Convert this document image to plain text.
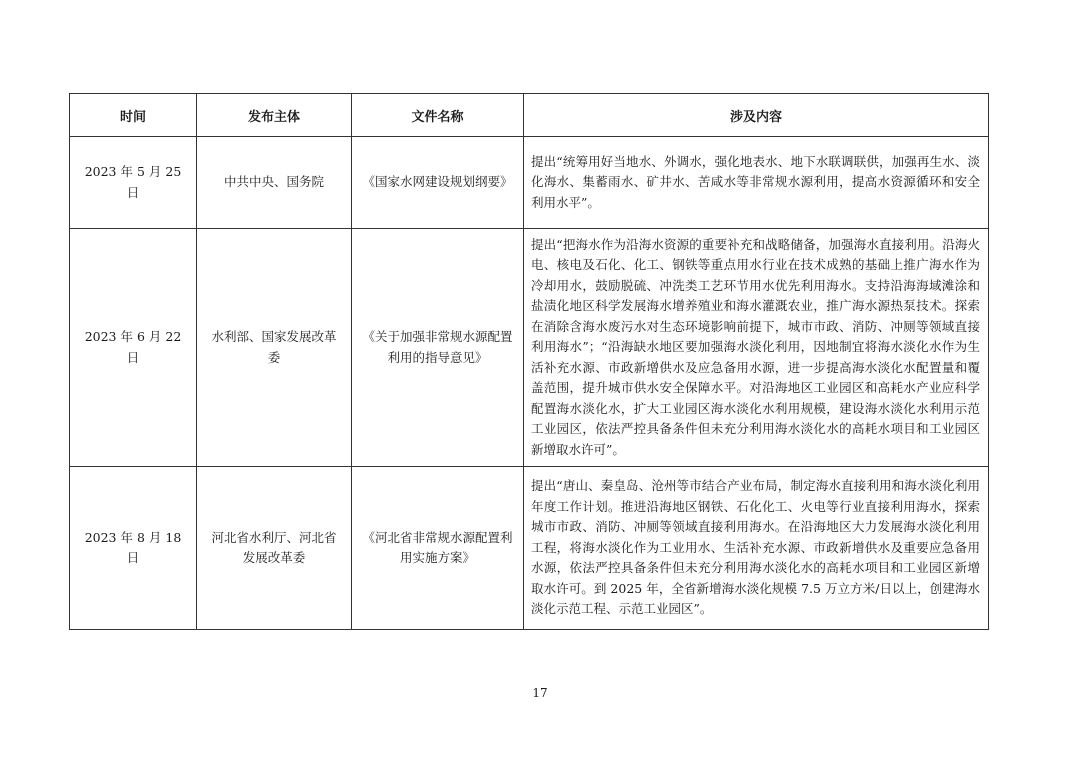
时间	发布主体	文件名称	涉及内容
2023 年 5 月 25 日	中共中央、国务院	《国家水网建设规划纲要》	提出“统筹用好当地水、外调水，强化地表水、地下水联调联供，加强再生水、淡化海水、集蓄雨水、矿井水、苦咸水等非常规水源利用，提高水资源循环和安全利用水平”。
2023 年 6 月 22 日	水利部、国家发展改革委	《关于加强非常规水源配置利用的指导意见》	提出“把海水作为沿海水资源的重要补充和战略储备，加强海水直接利用。沿海火电、核电及石化、化工、钢铁等重点用水行业在技术成熟的基础上推广海水作为冷却用水，鼓励脱硫、冲洗类工艺环节用水优先利用海水。支持沿海海域滩涂和盐渍化地区科学发展海水增养殖业和海水灌溉农业，推广海水源热泵技术。探索在消除含海水废污水对生态环境影响前提下，城市市政、消防、冲厕等领域直接利用海水”；“沿海缺水地区要加强海水淡化利用，因地制宜将海水淡化水作为生活补充水源、市政新增供水及应急备用水源，进一步提高海水淡化水配置量和覆盖范围，提升城市供水安全保障水平。对沿海地区工业园区和高耗水产业应科学配置海水淡化水，扩大工业园区海水淡化水利用规模，建设海水淡化水利用示范工业园区，依法严控具备条件但未充分利用海水淡化水的高耗水项目和工业园区新增取水许可”。
2023 年 8 月 18 日	河北省水利厅、河北省发展改革委	《河北省非常规水源配置利用实施方案》	提出“唐山、秦皇岛、沧州等市结合产业布局，制定海水直接利用和海水淡化利用年度工作计划。推进沿海地区钢铁、石化化工、火电等行业直接利用海水，探索城市市政、消防、冲厕等领域直接利用海水。在沿海地区大力发展海水淡化利用工程，将海水淡化作为工业用水、生活补充水源、市政新增供水及重要应急备用水源，依法严控具备条件但未充分利用海水淡化水的高耗水项目和工业园区新增取水许可。到 2025 年，全省新增海水淡化规模 7.5 万立方米/日以上，创建海水淡化示范工程、示范工业园区”。
17
